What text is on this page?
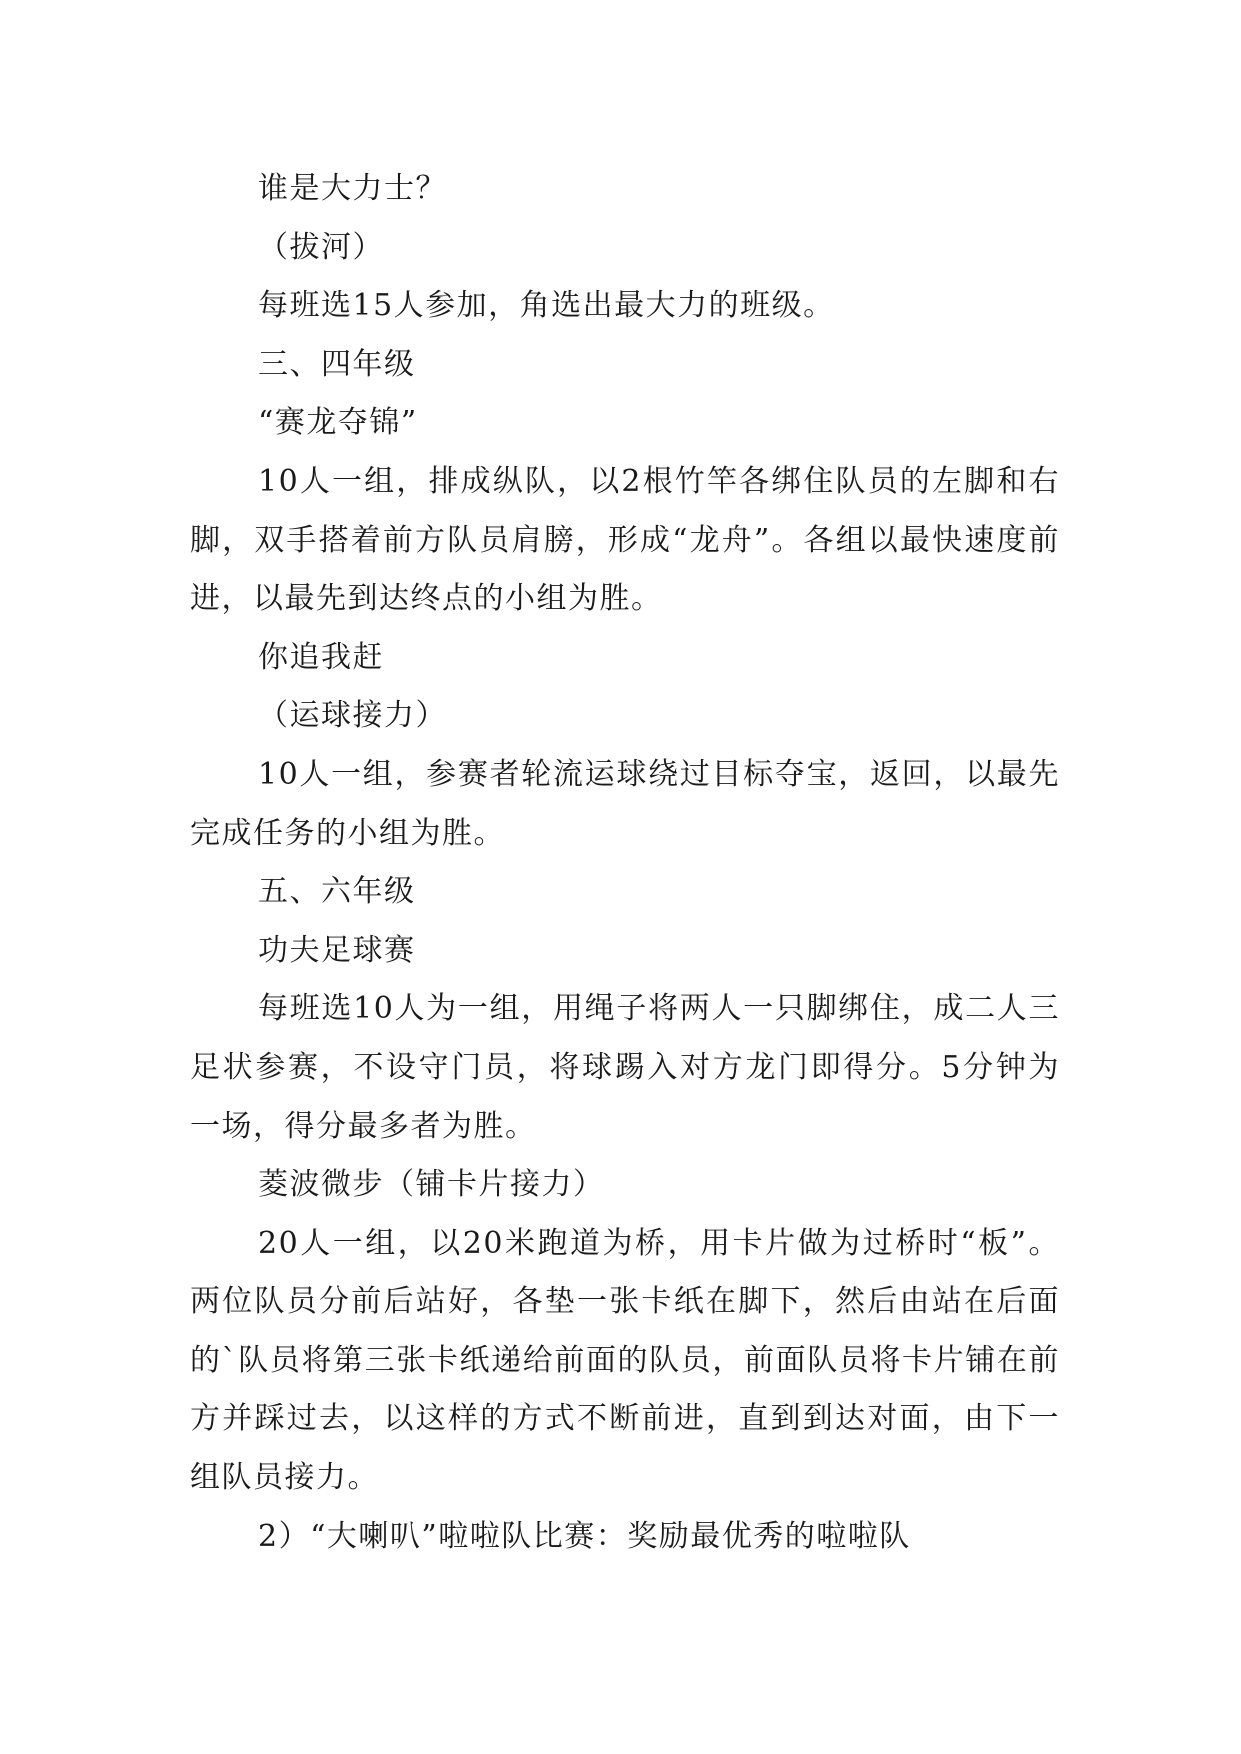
谁是大力士？

（拔河）

每班选15人参加，角选出最大力的班级。

三、四年级

“赛龙夺锦”

10人一组，排成纵队，以2根竹竿各绑住队员的左脚和右脚，双手搭着前方队员肩膀，形成“龙舟”。各组以最快速度前进，以最先到达终点的小组为胜。

你追我赶

（运球接力）

10人一组，参赛者轮流运球绕过目标夺宝，返回，以最先完成任务的小组为胜。

五、六年级

功夫足球赛

每班选10人为一组，用绳子将两人一只脚绑住，成二人三足状参赛，不设守门员，将球踢入对方龙门即得分。5分钟为一场，得分最多者为胜。

菱波微步（铺卡片接力）

20人一组，以20米跑道为桥，用卡片做为过桥时“板”。两位队员分前后站好，各垫一张卡纸在脚下，然后由站在后面的`队员将第三张卡纸递给前面的队员，前面队员将卡片铺在前方并踩过去，以这样的方式不断前进，直到到达对面，由下一组队员接力。

2）“大喇叭”啦啦队比赛：奖励最优秀的啦啦队
